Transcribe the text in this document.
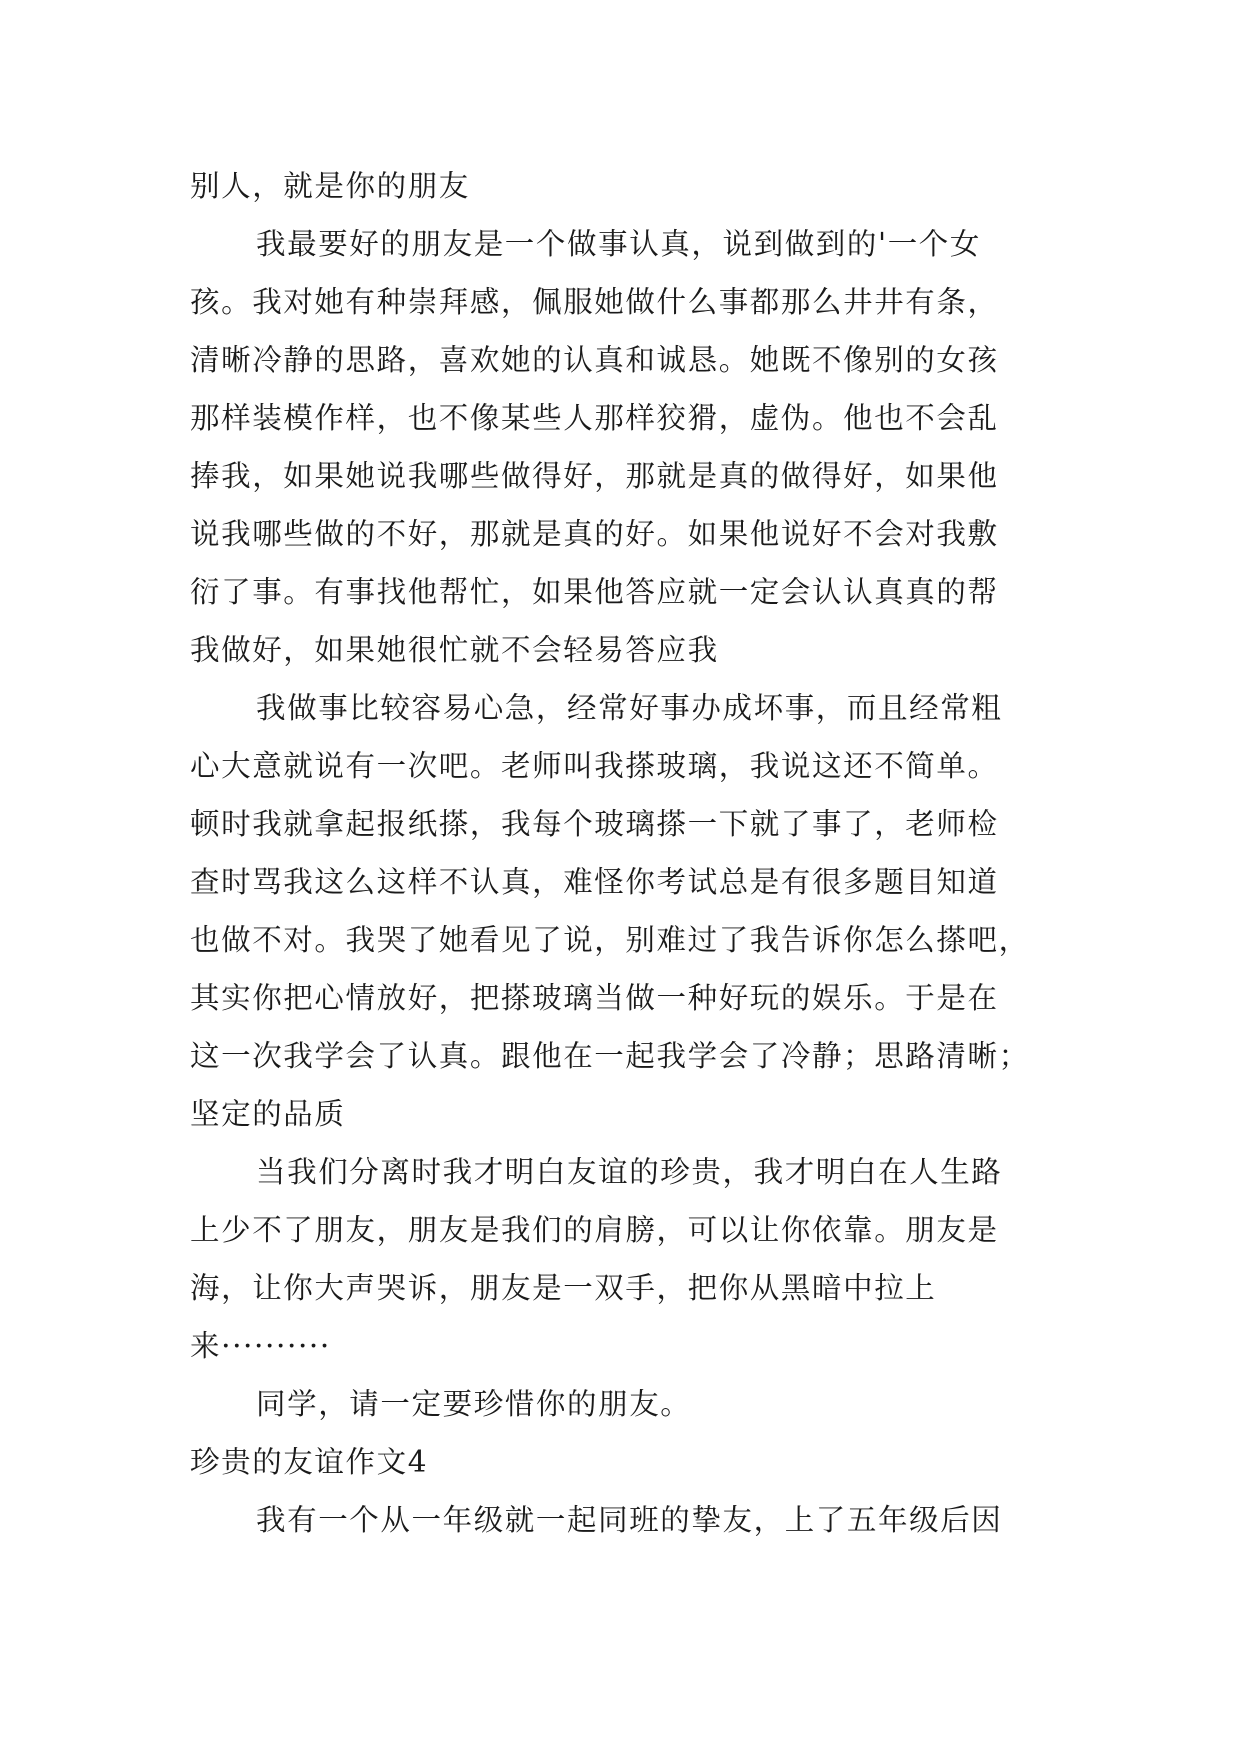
别人，就是你的朋友
我最要好的朋友是一个做事认真，说到做到的'一个女
孩。我对她有种崇拜感，佩服她做什么事都那么井井有条，
清晰冷静的思路，喜欢她的认真和诚恳。她既不像别的女孩
那样装模作样，也不像某些人那样狡猾，虚伪。他也不会乱
捧我，如果她说我哪些做得好，那就是真的做得好，如果他
说我哪些做的不好，那就是真的好。如果他说好不会对我敷
衍了事。有事找他帮忙，如果他答应就一定会认认真真的帮
我做好，如果她很忙就不会轻易答应我
我做事比较容易心急，经常好事办成坏事，而且经常粗
心大意就说有一次吧。老师叫我搽玻璃，我说这还不简单。
顿时我就拿起报纸搽，我每个玻璃搽一下就了事了，老师检
查时骂我这么这样不认真，难怪你考试总是有很多题目知道
也做不对。我哭了她看见了说，别难过了我告诉你怎么搽吧，
其实你把心情放好，把搽玻璃当做一种好玩的娱乐。于是在
这一次我学会了认真。跟他在一起我学会了冷静；思路清晰；
坚定的品质
当我们分离时我才明白友谊的珍贵，我才明白在人生路
上少不了朋友，朋友是我们的肩膀，可以让你依靠。朋友是
海，让你大声哭诉，朋友是一双手，把你从黑暗中拉上
来··········
同学，请一定要珍惜你的朋友。
珍贵的友谊作文4
我有一个从一年级就一起同班的挚友，上了五年级后因
